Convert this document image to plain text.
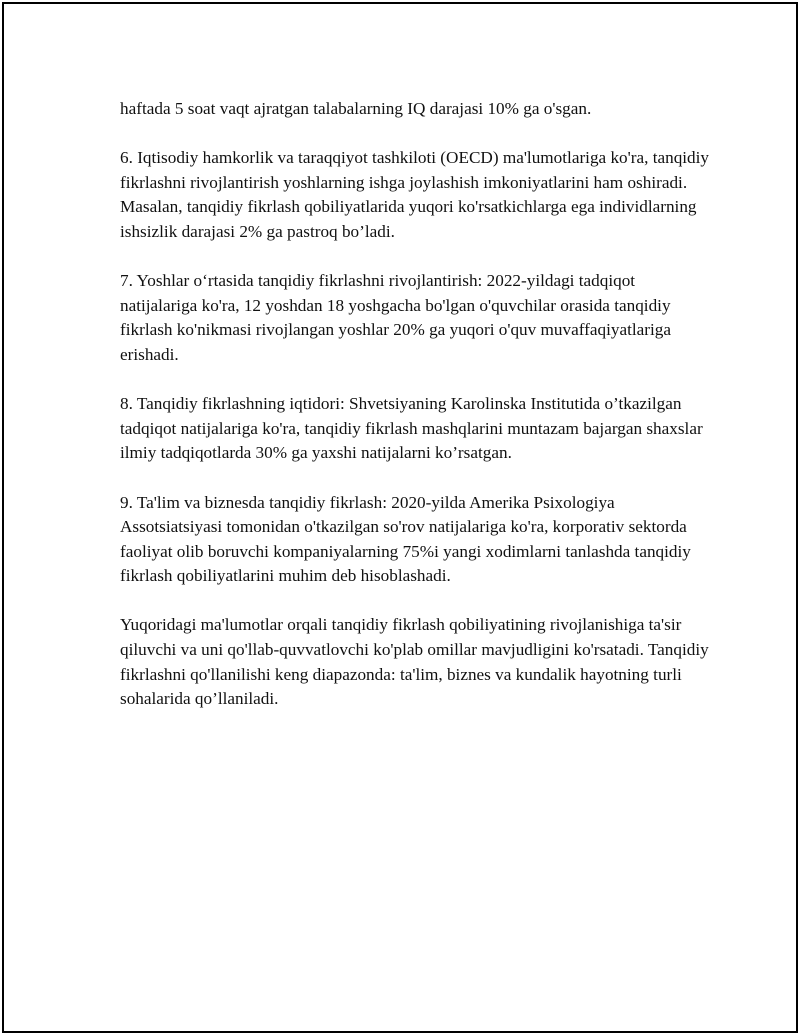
haftada 5 soat vaqt ajratgan talabalarning IQ darajasi 10% ga o'sgan.

6. Iqtisodiy hamkorlik va taraqqiyot tashkiloti (OECD) ma'lumotlariga ko'ra, tanqidiy fikrlashni rivojlantirish yoshlarning ishga joylashish imkoniyatlarini ham oshiradi. Masalan, tanqidiy fikrlash qobiliyatlarida yuqori ko'rsatkichlarga ega individlarning ishsizlik darajasi 2% ga pastroq bo’ladi.

7. Yoshlar o‘rtasida tanqidiy fikrlashni rivojlantirish: 2022-yildagi tadqiqot natijalariga ko'ra, 12 yoshdan 18 yoshgacha bo'lgan o'quvchilar orasida tanqidiy fikrlash ko'nikmasi rivojlangan yoshlar 20% ga yuqori o'quv muvaffaqiyatlariga erishadi.

8. Tanqidiy fikrlashning iqtidori: Shvetsiyaning Karolinska Institutida o’tkazilgan tadqiqot natijalariga ko'ra, tanqidiy fikrlash mashqlarini muntazam bajargan shaxslar ilmiy tadqiqotlarda 30% ga yaxshi natijalarni ko’rsatgan.

9. Ta'lim va biznesda tanqidiy fikrlash: 2020-yilda Amerika Psixologiya Assotsiatsiyasi tomonidan o'tkazilgan so'rov natijalariga ko'ra, korporativ sektorda faoliyat olib boruvchi kompaniyalarning 75%i yangi xodimlarni tanlashda tanqidiy fikrlash qobiliyatlarini muhim deb hisoblashadi.

Yuqoridagi ma'lumotlar orqali tanqidiy fikrlash qobiliyatining rivojlanishiga ta'sir qiluvchi va uni qo'llab-quvvatlovchi ko'plab omillar mavjudligini ko'rsatadi. Tanqidiy fikrlashni qo'llanilishi keng diapazonda: ta'lim, biznes va kundalik hayotning turli sohalarida qo’llaniladi.
